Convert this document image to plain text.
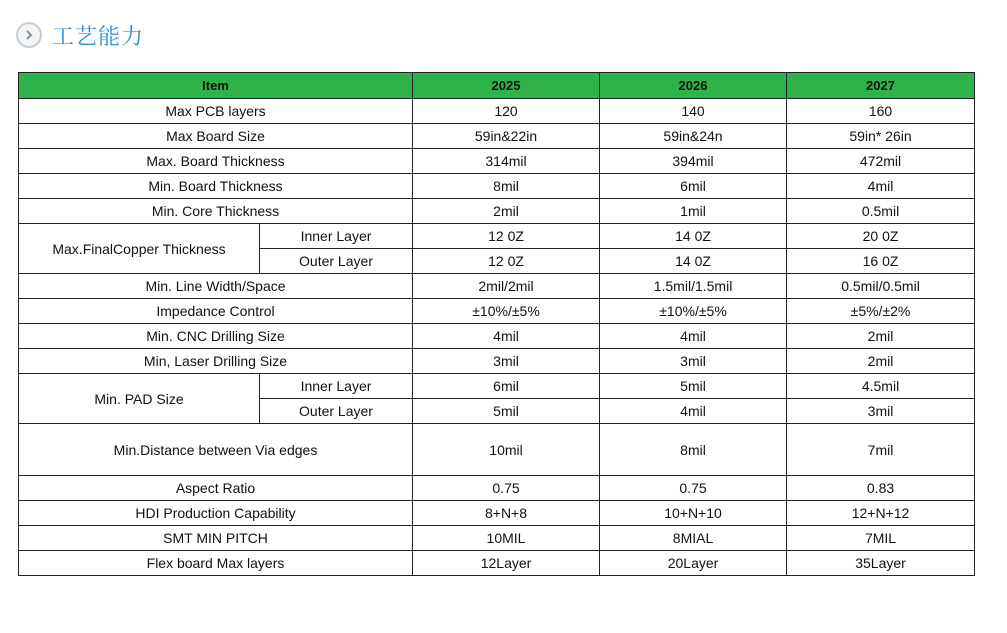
工艺能力
Item		2025	2026	2027
Max PCB layers		120	140	160
Max Board Size		59in&22in	59in&24n	59in* 26in
Max. Board Thickness		314mil	394mil	472mil
Min. Board Thickness		8mil	6mil	4mil
Min. Core Thickness		2mil	1mil	0.5mil
Max.FinalCopper Thickness	Inner Layer	12 0Z	14 0Z	20 0Z
	Outer Layer	12 0Z	14 0Z	16 0Z
Min. Line Width/Space		2mil/2mil	1.5mil/1.5mil	0.5mil/0.5mil
Impedance Control		±10%/±5%	±10%/±5%	±5%/±2%
Min. CNC Drilling Size		4mil	4mil	2mil
Min, Laser Drilling Size		3mil	3mil	2mil
Min. PAD Size	Inner Layer	6mil	5mil	4.5mil
	Outer Layer	5mil	4mil	3mil
Min.Distance between Via edges		10mil	8mil	7mil
Aspect Ratio		0.75	0.75	0.83
HDI Production Capability		8+N+8	10+N+10	12+N+12
SMT MIN PITCH		10MIL	8MIAL	7MIL
Flex board Max layers		12Layer	20Layer	35Layer
